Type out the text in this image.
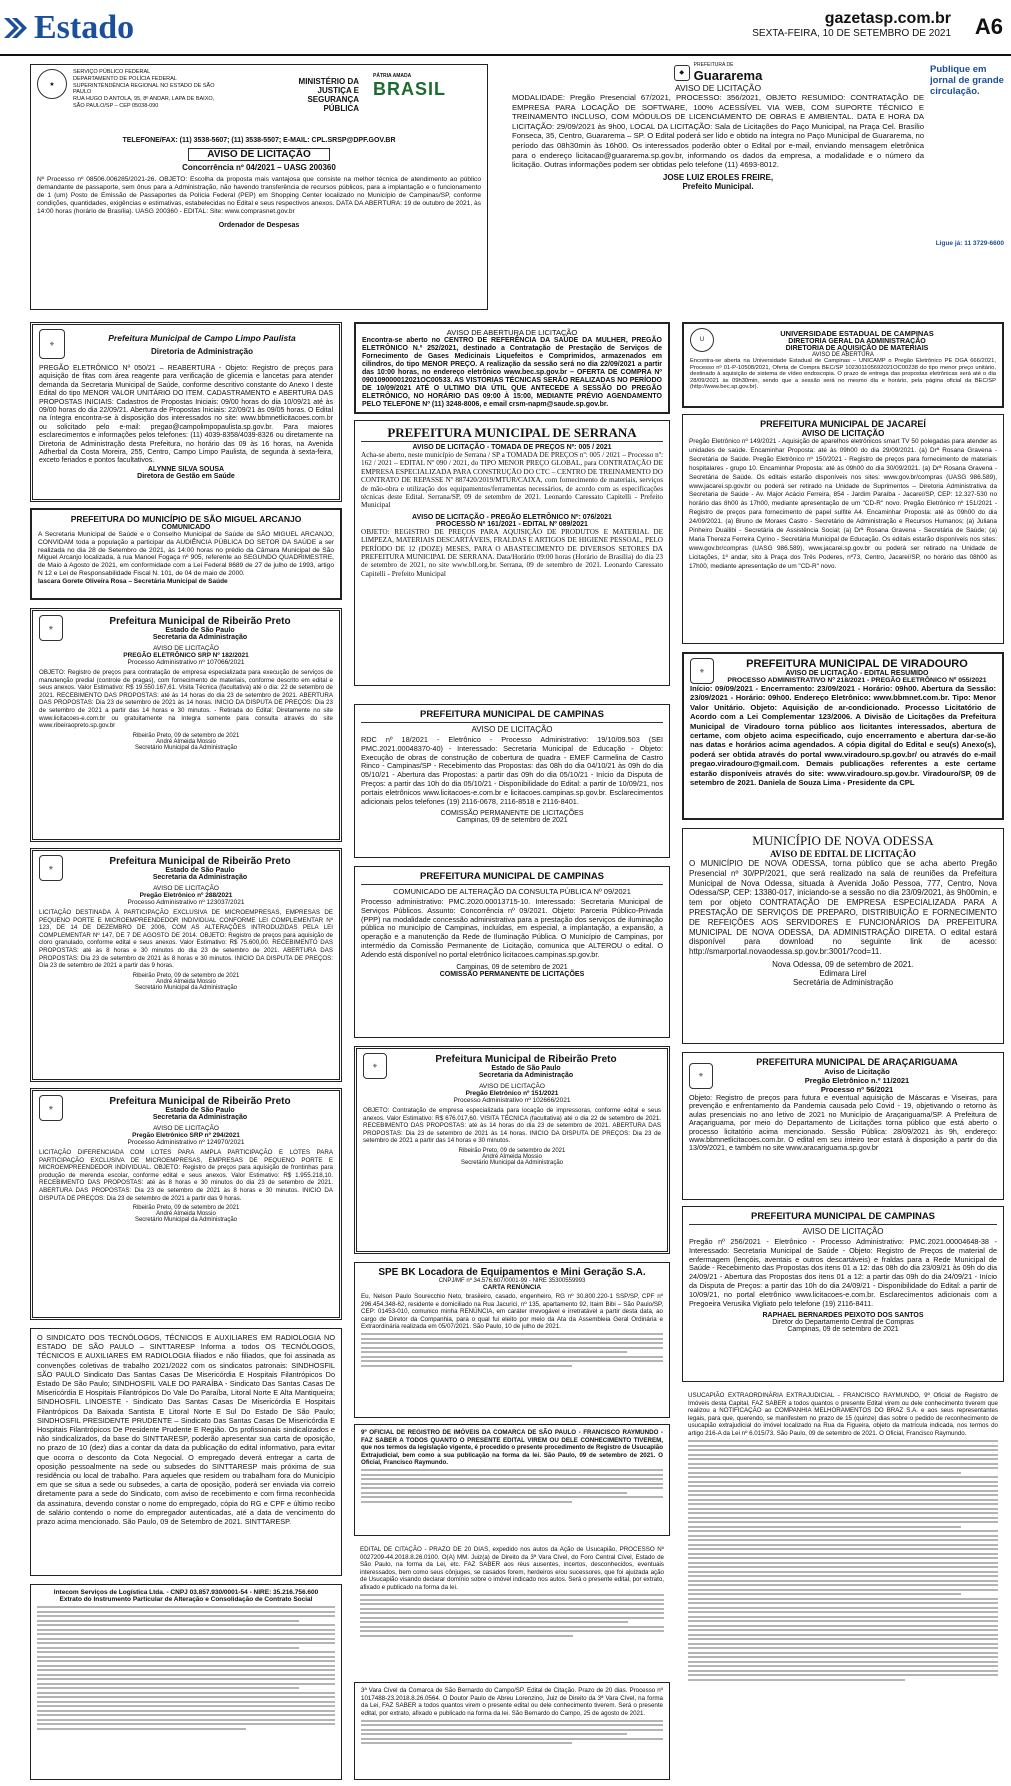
Estado	gazetasp.com.br
SEXTA-FEIRA, 10 DE SETEMBRO DE 2021	A6
★
SERVIÇO PÚBLICO FEDERAL
DEPARTAMENTO DE POLÍCIA FEDERAL
SUPERINTENDÊNCIA REGIONAL NO ESTADO DE SÃO PAULO
RUA HUGO D ANTOLA, 95, 8º ANDAR, LAPA DE BAIXO,
SÃO PAULO/SP – CEP 05038-090
MINISTÉRIO DA JUSTIÇA E SEGURANÇA PÚBLICA
PÁTRIA AMADA
BRASIL
TELEFONE/FAX: (11) 3538-5607; (11) 3538-5507; E-MAIL: CPL.SRSP@DPF.GOV.BR
AVISO DE LICITAÇÃO
Concorrência nº 04/2021 – UASG 200360

Nº Processo nº 08506.006285/2021-26. OBJETO: Escolha da proposta mais vantajosa que consiste na melhor técnica de atendimento ao público demandante de passaporte, sem ônus para a Administração, não havendo transferência de recursos públicos, para a implantação e o funcionamento de 1 (um) Posto de Emissão de Passaportes da Polícia Federal (PEP) em Shopping Center localizado no Município de Campinas/SP, conforme condições, quantidades, exigências e estimativas, estabelecidas no Edital e seus respectivos anexos. DATA DA ABERTURA: 19 de outubro de 2021, às 14:00 horas (horário de Brasília). UASG 200360 - EDITAL: Site: www.comprasnet.gov.br

Ordenador de Despesas
◆
PREFEITURA DE
Guararema
AVISO DE LICITAÇÃO

MODALIDADE: Pregão Presencial 67/2021, PROCESSO: 356/2021, OBJETO RESUMIDO: CONTRATAÇÃO DE EMPRESA PARA LOCAÇÃO DE SOFTWARE, 100% ACESSÍVEL VIA WEB, COM SUPORTE TÉCNICO E TREINAMENTO INCLUSO, COM MÓDULOS DE LICENCIAMENTO DE OBRAS E AMBIENTAL. DATA E HORA DA LICITAÇÃO: 29/09/2021 às 9h00, LOCAL DA LICITAÇÃO: Sala de Licitações do Paço Municipal, na Praça Cel. Brasílio Fonseca, 35, Centro, Guararema – SP. O Edital poderá ser lido e obtido na íntegra no Paço Municipal de Guararema, no período das 08h30min às 16h00. Os interessados poderão obter o Edital por e-mail, enviando mensagem eletrônica para o endereço licitacao@guararema.sp.gov.br, informando os dados da empresa, a modalidade e o número da licitação. Outras informações podem ser obtidas pelo telefone (11) 4693-8012.

JOSE LUIZ EROLES FREIRE,
Prefeito Municipal.
Publique em jornal de grande circulação.
Ligue já: 11 3729-6600
⚜
Prefeitura Municipal de Campo Limpo Paulista
Diretoria de Administração

PREGÃO ELETRÔNICO Nº 050/21 – REABERTURA - Objeto: Registro de preços para aquisição de fitas com área reagente para verificação de glicemia e lancetas para atender demanda da Secretaria Municipal de Saúde, conforme descritivo constante do Anexo I deste Edital do tipo MENOR VALOR UNITÁRIO DO ITEM. CADASTRAMENTO e ABERTURA DAS PROPOSTAS INICIAIS: Cadastros de Propostas Iniciais: 09/00 horas do dia 10/09/21 até às 09/00 horas do dia 22/09/21. Abertura de Propostas Iniciais: 22/09/21 às 09/05 horas. O Edital na íntegra encontra-se à disposição dos interessados no site: www.bbmnetlicitacoes.com.br ou solicitado pelo e-mail: pregao@campolimpopaulista.sp.gov.br. Para maiores esclarecimentos e informações pelos telefones: (11) 4039-8358/4039-8326 ou diretamente na Diretoria de Administração desta Prefeitura, no horário das 09 às 16 horas, na Avenida Adherbal da Costa Moreira, 255, Centro, Campo Limpo Paulista, de segunda à sexta-feira, exceto feriados e pontos facultativos.

ALYNNE SILVA SOUSA
Diretora de Gestão em Saúde
PREFEITURA DO MUNICÍPIO DE SÃO MIGUEL ARCANJO
COMUNICADO

A Secretaria Municipal de Saúde e o Conselho Municipal de Saúde de SÃO MIGUEL ARCANJO, CONVIDAM toda a população a participar da AUDIÊNCIA PÚBLICA DO SETOR DA SAÚDE a ser realizada no dia 28 de Setembro de 2021, às 14:00 horas no prédio da Câmara Municipal de São Miguel Arcanjo localizada, à rua Manoel Fogaça nº 905, referente ao SEGUNDO QUADRIMESTRE, de Maio à Agosto de 2021, em conformidade com a Lei Federal 8689 de 27 de julho de 1993, artigo N 12 e Lei de Responsabilidade Fiscal N. 101, de 04 de maio de 2000.

Iascara Gorete Oliveira Rosa – Secretária Municipal de Saúde
⚜
Prefeitura Municipal de Ribeirão Preto
Estado de São Paulo
Secretaria da Administração
AVISO DE LICITAÇÃO
PREGÃO ELETRÔNICO SRP Nº 182/2021
Processo Administrativo nº 107066/2021

OBJETO: Registro de preços para contratação de empresa especializada para execução de serviços de manutenção predial (controle de pragas), com fornecimento de materiais, conforme descrito em edital e seus anexos. Valor Estimativo: R$ 19.550.167,61. Visita Técnica (facultativa) até o dia: 22 de setembro de 2021. RECEBIMENTO DAS PROPOSTAS: até às 14 horas do dia 23 de setembro de 2021. ABERTURA DAS PROPOSTAS: Dia 23 de setembro de 2021 às 14 horas. INICIO DA DISPUTA DE PREÇOS: Dia 23 de setembro de 2021 a partir das 14 horas e 30 minutos. - Retirada do Edital: Diretamente no site www.licitacoes-e.com.br ou gratuitamente na íntegra somente para consulta através do site www.ribeiraopreto.sp.gov.br

Ribeirão Preto, 09 de setembro de 2021
André Almeida Mossio
Secretário Municipal da Administração
⚜
Prefeitura Municipal de Ribeirão Preto
Estado de São Paulo
Secretaria da Administração
AVISO DE LICITAÇÃO
Pregão Eletrônico nº 288/2021
Processo Administrativo nº 123037/2021

LICITAÇÃO DESTINADA À PARTICIPAÇÃO EXCLUSIVA DE MICROEMPRESAS, EMPRESAS DE PEQUENO PORTE E MICROEMPREENDEDOR INDIVIDUAL CONFORME LEI COMPLEMENTAR Nº 123, DE 14 DE DEZEMBRO DE 2006, COM AS ALTERAÇÕES INTRODUZIDAS PELA LEI COMPLEMENTAR Nº 147, DE 7 DE AGOSTO DE 2014. OBJETO: Registro de preços para aquisição de cloro granulado, conforme edital e seus anexos. Valor Estimativo: R$ 75.600,00. RECEBIMENTO DAS PROPOSTAS: até às 8 horas e 30 minutos do dia 23 de setembro de 2021. ABERTURA DAS PROPOSTAS: Dia 23 de setembro de 2021 às 8 horas e 30 minutos. INICIO DA DISPUTA DE PREÇOS: Dia 23 de setembro de 2021 a partir das 9 horas.

Ribeirão Preto, 09 de setembro de 2021
André Almeida Mossio
Secretário Municipal da Administração
⚜
Prefeitura Municipal de Ribeirão Preto
Estado de São Paulo
Secretaria da Administração
AVISO DE LICITAÇÃO
Pregão Eletrônico SRP nº 294/2021
Processo Administrativo nº 124970/2021

LICITAÇÃO DIFERENCIADA COM LOTES PARA AMPLA PARTICIPAÇÃO E LOTES PARA PARTICIPAÇÃO EXCLUSIVA DE MICROEMPRESAS, EMPRESAS DE PEQUENO PORTE E MICROEMPREENDEDOR INDIVIDUAL. OBJETO: Registro de preços para aquisição de frontinhas para produção de merenda escolar, conforme edital e seus anexos. Valor Estimativo: R$ 1.955.218,10. RECEBIMENTO DAS PROPOSTAS: até às 8 horas e 30 minutos do dia 23 de setembro de 2021. ABERTURA DAS PROPOSTAS: Dia 23 de setembro de 2021 às 8 horas e 30 minutos. INICIO DA DISPUTA DE PREÇOS: Dia 23 de setembro de 2021 a partir das 9 horas.

Ribeirão Preto, 09 de setembro de 2021
André Almeida Mossio
Secretário Municipal da Administração

O SINDICATO DOS TECNÓLOGOS, TÉCNICOS E AUXILIARES EM RADIOLOGIA NO ESTADO DE SÃO PAULO – SINTTARESP Informa a todos OS TECNÓLOGOS, TÉCNICOS E AUXILIARES EM RADIOLOGIA filiados e não filiados, que foi assinada as convenções coletivas de trabalho 2021/2022 com os sindicatos patronais: SINDHOSFIL SÃO PAULO Sindicato Das Santas Casas De Misericórdia E Hospitais Filantrópicos Do Estado De São Paulo; SINDHOSFIL VALE DO PARAÍBA - Sindicato Das Santas Casas De Misericórdia E Hospitais Filantrópicos Do Vale Do Paraíba, Litoral Norte E Alta Mantiqueira; SINDHOSFIL LINOESTE - Sindicato Das Santas Casas De Misericórdia E Hospitais Filantrópicos Da Baixada Santista E Litoral Norte E Sul Do Estado De São Paulo; SINDHOSFIL PRESIDENTE PRUDENTE – Sindicato Das Santas Casas De Misericórdia E Hospitais Filantrópicos De Presidente Prudente E Região. Os profissionais sindicalizados e não sindicalizados, da base do SINTTARESP, poderão apresentar sua carta de oposição, no prazo de 10 (dez) dias a contar da data da publicação do edital informativo, para evitar que ocorra o desconto da Cota Negocial. O empregado deverá entregar a carta de oposição pessoalmente na sede ou subsedes do SINTTARESP mais próxima de sua residência ou local de trabalho. Para aqueles que residem ou trabalham fora do Município em que se situa a sede ou subsedes, a carta de oposição, poderá ser enviada via correio diretamente para a sede do Sindicato, com aviso de recebimento e com firma reconhecida da assinatura, devendo constar o nome do empregado, cópia do RG e CPF e último recibo de salário contendo o nome do empregador autenticadas, até a data de vencimento do prazo acima mencionado. São Paulo, 09 de Setembro de 2021. SINTTARESP.

Intecom Serviços de Logística Ltda. - CNPJ 03.857.930/0001-54 - NIRE: 35.216.756.600
Extrato do Instrumento Particular de Alteração e Consolidação de Contrato Social
AVISO DE ABERTURA DE LICITAÇÃO

Encontra-se aberto no CENTRO DE REFERÊNCIA DA SAÚDE DA MULHER, PREGÃO ELETRÔNICO N.º 252/2021, destinado a Contratação de Prestação de Serviços de Fornecimento de Gases Medicinais Liquefeitos e Comprimidos, armazenados em cilindros, do tipo MENOR PREÇO. A realização da sessão será no dia 22/09/2021 a partir das 10:00 horas, no endereço eletrônico www.bec.sp.gov.br – OFERTA DE COMPRA Nº 090109000012021OC00533. AS VISTORIAS TÉCNICAS SERÃO REALIZADAS NO PERÍODO DE 10/09/2021 ATÉ O ULTIMO DIA ÚTIL QUE ANTECEDE A SESSÃO DO PREGÃO ELETRÔNICO, NO HORÁRIO DAS 09:00 À 15:00, MEDIANTE PRÉVIO AGENDAMENTO PELO TELEFONE Nº (11) 3248-8006, e email crsm-napm@saude.sp.gov.br.

PREFEITURA MUNICIPAL DE SERRANA
AVISO DE LICITAÇÃO - TOMADA DE PREÇOS Nº: 005 / 2021

Acha-se aberto, neste município de Serrana / SP a TOMADA DE PREÇOS nº: 005 / 2021 – Processo nº: 162 / 2021 – EDITAL Nº 090 / 2021, do TIPO MENOR PREÇO GLOBAL, para CONTRATAÇÃO DE EMPRESA ESPECIALIZADA PARA CONSTRUÇÃO DO CTC – CENTRO DE TREINAMENTO DO CONTRATO DE REPASSE Nº 887420/2019/MTUR/CAIXA, com fornecimento de materiais, serviços de mão-obra e utilização dos equipamentos/ferramentas necessários, de acordo com as especificações técnicas deste Edital. Serrana/SP, 09 de setembro de 2021. Leonardo Caressato Capitelli - Prefeito Municipal

AVISO DE LICITAÇÃO - PREGÃO ELETRÔNICO Nº: 076/2021
PROCESSO Nº 161/2021 - EDITAL Nº 089/2021

OBJETO: REGISTRO DE PREÇOS PARA AQUISIÇÃO DE PRODUTOS E MATERIAL DE LIMPEZA, MATERIAIS DESCARTÁVEIS, FRALDAS E ARTIGOS DE HIGIENE PESSOAL, PELO PERÍODO DE 12 (DOZE) MESES, PARA O ABASTECIMENTO DE DIVERSOS SETORES DA PREFEITURA MUNICIPAL DE SERRANA. Data/Horário 09:00 horas (Horário de Brasília) do dia 23 de setembro de 2021, no site www.bll.org.br. Serrana, 09 de setembro de 2021. Leonardo Caressato Capitelli - Prefeito Municipal

PREFEITURA MUNICIPAL DE CAMPINAS
AVISO DE LICITAÇÃO

RDC nº 18/2021 - Eletrônico - Processo Administrativo: 19/10/09.503 (SEI PMC.2021.00048370-40) - Interessado: Secretaria Municipal de Educação - Objeto: Execução de obras de construção de cobertura de quadra - EMEF Carmelina de Castro Rinco - Campinas/SP - Recebimento das Propostas: das 08h do dia 04/10/21 às 09h do dia 05/10/21 - Abertura das Propostas: a partir das 09h do dia 05/10/21 - Início da Disputa de Preços: a partir das 10h do dia 05/10/21 - Disponibilidade do Edital: a partir de 10/09/21, nos portais eletrônicos www.licitacoes-e.com.br e licitacoes.campinas.sp.gov.br. Esclarecimentos adicionais pelos telefones (19) 2116-0678, 2116-8518 e 2116-8401.

COMISSÃO PERMANENTE DE LICITAÇÕES
Campinas, 09 de setembro de 2021
PREFEITURA MUNICIPAL DE CAMPINAS
COMUNICADO DE ALTERAÇÃO DA CONSULTA PÚBLICA Nº 09/2021

Processo administrativo: PMC.2020.00013715-10. Interessado: Secretaria Municipal de Serviços Públicos. Assunto: Concorrência nº 09/2021. Objeto: Parceria Público-Privada (PPP) na modalidade concessão administrativa para a prestação dos serviços de iluminação pública no município de Campinas, incluídas, em especial, a implantação, a expansão, a operação e a manutenção da Rede de Iluminação Pública. O Município de Campinas, por intermédio da Comissão Permanente de Licitação, comunica que ALTEROU o edital. O Adendo está disponível no portal eletrônico licitacoes.campinas.sp.gov.br.

Campinas, 09 de setembro de 2021
COMISSÃO PERMANENTE DE LICITAÇÕES
⚜
Prefeitura Municipal de Ribeirão Preto
Estado de São Paulo
Secretaria da Administração
AVISO DE LICITAÇÃO
Pregão Eletrônico nº 151/2021
Processo Administrativo nº 102666/2021

OBJETO: Contratação de empresa especializada para locação de impressoras, conforme edital e seus anexos. Valor Estimativo: R$ 676.017,60. VISITA TÉCNICA (facultativa) até o dia 22 de setembro de 2021. RECEBIMENTO DAS PROPOSTAS: até às 14 horas do dia 23 de setembro de 2021. ABERTURA DAS PROPOSTAS: Dia 23 de setembro de 2021 às 14 horas. INICIO DA DISPUTA DE PREÇOS: Dia 23 de setembro de 2021 a partir das 14 horas e 30 minutos.

Ribeirão Preto, 09 de setembro de 2021
André Almeida Mossio
Secretário Municipal da Administração
SPE BK Locadora de Equipamentos e Mini Geração S.A.
CNPJ/MF nº 34.576.607/0001-99 - NIRE 35300559993
CARTA RENÚNCIA

Eu, Nelson Paulo Sourecchio Neto, brasileiro, casado, engenheiro, RG nº 30.800.220-1 SSP/SP, CPF nº 296.454.348-62, residente e domiciliado na Rua Jacurici, nº 135, apartamento 92, Itaim Bibi – São Paulo/SP, CEP: 01453-010, comunico minha RENÚNCIA, em caráter irrevogável e irretratável a partir desta data, ao cargo de Diretor da Companhia, para o qual fui eleito por meio da Ata da Assembleia Geral Ordinária e Extraordinária realizada em 05/07/2021. São Paulo, 10 de julho de 2021.

9º OFICIAL DE REGISTRO DE IMÓVEIS DA COMARCA DE SÃO PAULO - FRANCISCO RAYMUNDO - FAZ SABER A TODOS QUANTO O PRESENTE EDITAL VIREM OU DELE CONHECIMENTO TIVEREM, que nos termos da legislação vigente, é procedido o presente procedimento de Registro de Usucapião Extrajudicial, bem como a sua publicação na forma da lei. São Paulo, 09 de setembro de 2021. O Oficial, Francisco Raymundo.

EDITAL DE CITAÇÃO - PRAZO DE 20 DIAS, expedido nos autos da Ação de Usucapião, PROCESSO Nº 0027209-44.2018.8.26.0100. O(A) MM. Juiz(a) de Direito da 3ª Vara Cível, do Foro Central Cível, Estado de São Paulo, na forma da Lei, etc. FAZ SABER aos réus ausentes, incertos, desconhecidos, eventuais interessados, bem como seus cônjuges, se casados forem, herdeiros e/ou sucessores, que foi ajuizada ação de Usucapião visando declarar domínio sobre o imóvel indicado nos autos. Será o presente edital, por extrato, afixado e publicado na forma da lei.

3ª Vara Cível da Comarca de São Bernardo do Campo/SP. Edital de Citação. Prazo de 20 dias. Processo nº 1017488-23.2018.8.26.0564. O Doutor Paulo de Abreu Lorenzino, Juiz de Direito da 3ª Vara Cível, na forma da Lei, FAZ SABER a todos quantos virem o presente edital ou dele conhecimento tiverem. Será o presente edital, por extrato, afixado e publicado na forma da lei. São Bernardo do Campo, 25 de agosto de 2021.

U
UNIVERSIDADE ESTADUAL DE CAMPINAS
DIRETORIA GERAL DA ADMINISTRAÇÃO
DIRETORIA DE AQUISIÇÃO DE MATERIAIS
AVISO DE ABERTURA

Encontra-se aberta na Universidade Estadual de Campinas – UNICAMP o Pregão Eletrônico PE DGA 666/2021, Processo nº 01-P-10508/2021, Oferta de Compra BEC/SP 102301105692021OC00238 do tipo menor preço unitário, destinado à aquisição de sistema de vídeo endoscopia. O prazo de entrega das propostas eletrônicas será até o dia 28/09/2021 às 09h30min, sendo que a sessão será no mesmo dia e horário, pela página oficial da BEC/SP (http://www.bec.sp.gov.br).

PREFEITURA MUNICIPAL DE JACAREÍ
AVISO DE LICITAÇÃO

Pregão Eletrônico nº 149/2021 - Aquisição de aparelhos eletrônicos smart TV 50 polegadas para atender as unidades de saúde. Encaminhar Proposta: até às 09h00 do dia 29/09/2021. (a) Drª Rosana Gravena - Secretária de Saúde. Pregão Eletrônico nº 150/2021 - Registro de preços para fornecimento de materiais hospitalares - grupo 10. Encaminhar Proposta: até às 09h00 do dia 30/09/2021. (a) Drª Rosana Gravena - Secretária de Saúde. Os editais estarão disponíveis nos sites: www.gov.br/compras (UASG 986.589), www.jacarei.sp.gov.br ou poderá ser retirado na Unidade de Suprimentos – Diretoria Administrativa da Secretaria de Saúde - Av. Major Acácio Ferreira, 854 - Jardim Paraíba - Jacareí/SP, CEP: 12.327-530 no horário das 8h00 às 17h00, mediante apresentação de um "CD-R" novo. Pregão Eletrônico nº 151/2021 - Registro de preços para fornecimento de papel sulfite A4. Encaminhar Proposta: até às 09h00 do dia 24/09/2021. (a) Bruno de Moraes Castro - Secretário de Administração e Recursos Humanos; (a) Juliana Pinheiro Duailibi - Secretária de Assistência Social; (a) Drª Rosana Gravena - Secretária de Saúde; (a) Maria Thereza Ferreira Cyrino - Secretária Municipal de Educação. Os editais estarão disponíveis nos sites: www.gov.br/compras (UASG 986.589), www.jacarei.sp.gov.br ou poderá ser retirado na Unidade de Licitações, 1º andar, sito à Praça dos Três Poderes, nº73, Centro, Jacareí/SP, no horário das 08h00 às 17h00, mediante apresentação de um "CD-R" novo.

⚜
PREFEITURA MUNICIPAL DE VIRADOURO
AVISO DE LICITAÇÃO - EDITAL RESUMIDO
PROCESSO ADMINISTRATIVO Nº 218/2021 - PREGÃO ELETRÔNICO Nº 055/2021

Início: 09/09/2021 - Encerramento: 23/09/2021 - Horário: 09h00. Abertura da Sessão: 23/09/2021 - Horário: 09h00. Endereço Eletrônico: www.bbmnet.com.br. Tipo: Menor Valor Unitário. Objeto: Aquisição de ar-condicionado. Processo Licitatório de Acordo com a Lei Complementar 123/2006. A Divisão de Licitações da Prefeitura Municipal de Viradouro torna público aos licitantes interessados, abertura de certame, com objeto acima especificado, cujo encerramento e abertura dar-se-ão nas datas e horários acima agendados. A cópia digital do Edital e seu(s) Anexo(s), poderá ser obtida através do portal www.viradouro.sp.gov.br/ ou através do e-mail pregao.viradouro@gmail.com. Demais publicações referentes a este certame estarão disponíveis através do site: www.viradouro.sp.gov.br. Viradouro/SP, 09 de setembro de 2021. Daniela de Souza Lima - Presidente da CPL

MUNICÍPIO DE NOVA ODESSA
AVISO DE EDITAL DE LICITAÇÃO

O MUNICÍPIO DE NOVA ODESSA, torna público que se acha aberto Pregão Presencial nº 30/PP/2021, que será realizado na sala de reuniões da Prefeitura Municipal de Nova Odessa, situada à Avenida João Pessoa, 777, Centro, Nova Odessa/SP, CEP: 13380-017, iniciando-se a sessão no dia 23/09/2021, às 9h00min, e tem por objeto CONTRATAÇÃO DE EMPRESA ESPECIALIZADA PARA A PRESTAÇÃO DE SERVIÇOS DE PREPARO, DISTRIBUIÇÃO E FORNECIMENTO DE REFEIÇÕES AOS SERVIDORES E FUNCIONÁRIOS DA PREFEITURA MUNICIPAL DE NOVA ODESSA, DA ADMINISTRAÇÃO DIRETA. O edital estará disponível para download no seguinte link de acesso: http://smarportal.novaodessa.sp.gov.br:3001/?cod=11.

Nova Odessa, 09 de setembro de 2021.
Edimara Lirel
Secretária de Administração
⚜
PREFEITURA MUNICIPAL DE ARAÇARIGUAMA
Aviso de Licitação
Pregão Eletrônico n.º 11/2021
Processo nº 56/2021

Objeto: Registro de preços para futura e eventual aquisição de Máscaras e Viseiras, para prevenção e enfrentamento da Pandemia causada pelo Covid - 19, objetivando o retorno às aulas presenciais no ano letivo de 2021 no Município de Araçariguama/SP. A Prefeitura de Araçariguama, por meio do Departamento de Licitações torna público que está aberto o processo licitatório acima mencionado. Sessão Pública: 28/09/2021 às 9h, endereço: www.bbmnetlicitacoes.com.br. O edital em seu inteiro teor estará à disposição a partir do dia 13/09/2021, e também no site www.aracariguama.sp.gov.br

PREFEITURA MUNICIPAL DE CAMPINAS
AVISO DE LICITAÇÃO

Pregão nº 256/2021 - Eletrônico - Processo Administrativo: PMC.2021.00004648-38 - Interessado: Secretaria Municipal de Saúde - Objeto: Registro de Preços de material de enfermagem (lençóis, aventais e outros descartáveis) e fraldas para a Rede Municipal de Saúde - Recebimento das Propostas dos itens 01 a 12: das 08h do dia 23/09/21 às 09h do dia 24/09/21 - Abertura das Propostas dos itens 01 a 12: a partir das 09h do dia 24/09/21 - Início da Disputa de Preços: a partir das 10h do dia 24/09/21 - Disponibilidade do Edital: a partir de 10/09/21, no portal eletrônico www.licitacoes-e.com.br. Esclarecimentos adicionais com a Pregoeira Verusika Vigliato pelo telefone (19) 2116-8411.

RAPHAEL BERNARDES PEIXOTO DOS SANTOS
Diretor do Departamento Central de Compras
Campinas, 09 de setembro de 2021

USUCAPIÃO EXTRAORDINÁRIA EXTRAJUDICIAL - FRANCISCO RAYMUNDO, 9º Oficial de Registro de Imóveis desta Capital, FAZ SABER a todos quantos o presente Edital virem ou dele conhecimento tiverem que realizou a NOTIFICAÇÃO ao COMPANHIA MELHORAMENTOS DO BRAZ S.A. e aos seus representantes legais, para que, querendo, se manifestem no prazo de 15 (quinze) dias sobre o pedido de reconhecimento de usucapião extrajudicial do imóvel localizado na Rua da Figueira, objeto da matrícula indicada, nos termos do artigo 216-A da Lei nº 6.015/73. São Paulo, 09 de setembro de 2021. O Oficial, Francisco Raymundo.
